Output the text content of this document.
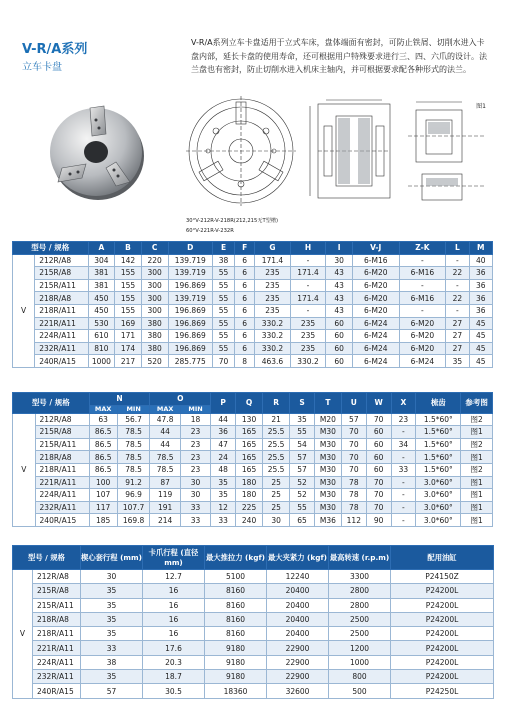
V-R/A系列
立车卡盘
V-R/A系列立车卡盘适用于立式车床，盘体端面有密封，可防止铁屑、切削水进入卡盘内部，延长卡盘的使用寿命，还可根据用户特殊要求进行三、四、六爪的设计。法兰盘也有密封，防止切削水进入机床主轴内，并可根据要求配各种形式的法兰。
图1
30°V-212R-V-218R(212,215无T型槽)
60°V-221R-V-232R
型号 / 规格		A	B	C	D	E	F	G	H	I	V-J	Z-K	L	M
V	212R/A8	304	142	220	139.719	38	6	171.4	-	30	6-M16	-	-	40
	215R/A8	381	155	300	139.719	55	6	235	171.4	43	6-M20	6-M16	22	36
	215R/A11	381	155	300	196.869	55	6	235	-	43	6-M20	-	-	36
	218R/A8	450	155	300	139.719	55	6	235	171.4	43	6-M20	6-M16	22	36
	218R/A11	450	155	300	196.869	55	6	235	-	43	6-M20	-	-	36
	221R/A11	530	169	380	196.869	55	6	330.2	235	60	6-M24	6-M20	27	45
	224R/A11	610	171	380	196.869	55	6	330.2	235	60	6-M24	6-M20	27	45
	232R/A11	810	174	380	196.869	55	6	330.2	235	60	6-M24	6-M20	27	45
	240R/A15	1000	217	520	285.775	70	8	463.6	330.2	60	6-M24	6-M24	35	45
型号 / 规格		N		O		P	Q	R	S	T	U	W	X	梳齿	参考图
		MAX	MIN	MAX	MIN										
V	212R/A8	63	56.7	47.8	18	44	130	21	35	M20	57	70	23	1.5*60°	图2
	215R/A8	86.5	78.5	44	23	36	165	25.5	55	M30	70	60	-	1.5*60°	图1
	215R/A11	86.5	78.5	44	23	47	165	25.5	54	M30	70	60	34	1.5*60°	图2
	218R/A8	86.5	78.5	78.5	23	24	165	25.5	57	M30	70	60	-	1.5*60°	图1
	218R/A11	86.5	78.5	78.5	23	48	165	25.5	57	M30	70	60	33	1.5*60°	图2
	221R/A11	100	91.2	87	30	35	180	25	52	M30	78	70	-	3.0*60°	图1
	224R/A11	107	96.9	119	30	35	180	25	52	M30	78	70	-	3.0*60°	图1
	232R/A11	117	107.7	191	33	12	225	25	55	M30	78	70	-	3.0*60°	图1
	240R/A15	185	169.8	214	33	33	240	30	65	M36	112	90	-	3.0*60°	图1
型号 / 规格		楔心套行程 (mm)	卡爪行程 (直径mm)	最大推拉力 (kgf)	最大夹紧力 (kgf)	最高转速 (r.p.m)	配用油缸
V	212R/A8	30	12.7	5100	12240	3300	P24150Z
	215R/A8	35	16	8160	20400	2800	P24200L
	215R/A11	35	16	8160	20400	2800	P24200L
	218R/A8	35	16	8160	20400	2500	P24200L
	218R/A11	35	16	8160	20400	2500	P24200L
	221R/A11	33	17.6	9180	22900	1200	P24200L
	224R/A11	38	20.3	9180	22900	1000	P24200L
	232R/A11	35	18.7	9180	22900	800	P24200L
	240R/A15	57	30.5	18360	32600	500	P24250L
